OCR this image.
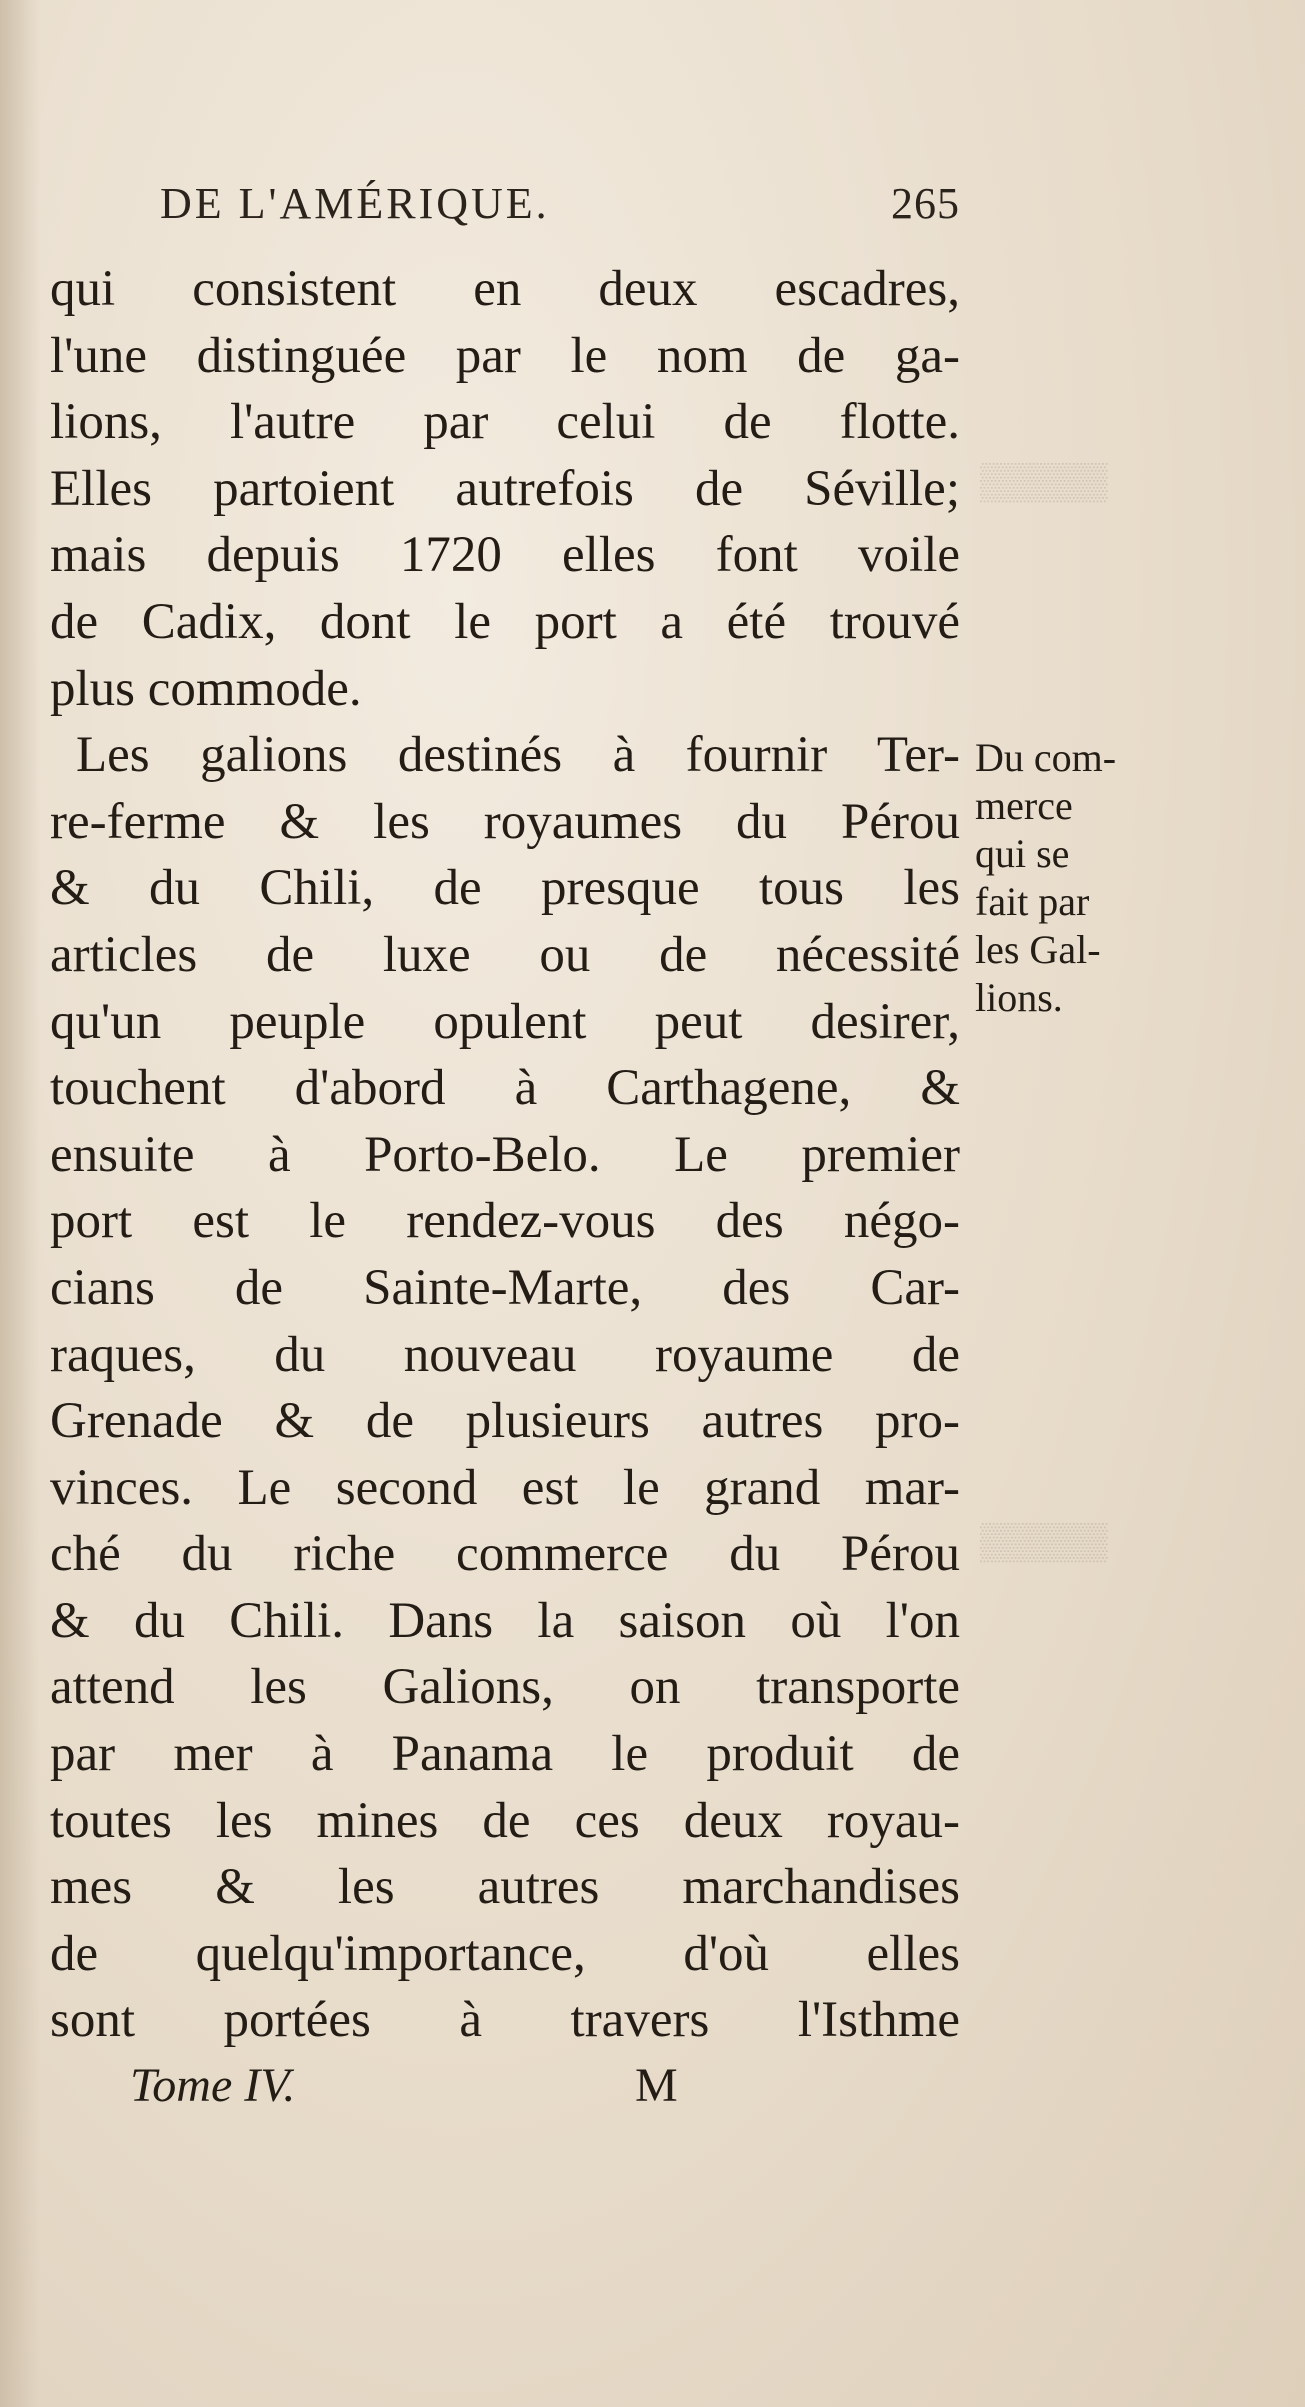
▒▒▒▒▒
▒▒▒▒▒
DE L'AMÉRIQUE.	265
qui consistent en deux escadres,
l'une distinguée par le nom de ga-
lions, l'autre par celui de flotte.
Elles partoient autrefois de Séville;
mais depuis 1720 elles font voile
de Cadix, dont le port a été trouvé
plus commode.
Les galions destinés à fournir Ter-
re-ferme & les royaumes du Pérou
& du Chili, de presque tous les
articles de luxe ou de nécessité
qu'un peuple opulent peut desirer,
touchent d'abord à Carthagene, &
ensuite à Porto-Belo. Le premier
port est le rendez-vous des négo-
cians de Sainte-Marte, des Car-
raques, du nouveau royaume de
Grenade & de plusieurs autres pro-
vinces. Le second est le grand mar-
ché du riche commerce du Pérou
& du Chili. Dans la saison où l'on
attend les Galions, on transporte
par mer à Panama le produit de
toutes les mines de ces deux royau-
mes & les autres marchandises
de quelqu'importance, d'où elles
sont portées à travers l'Isthme
Du com-
merce
qui se
fait par
les Gal-
lions.
Tome IV.	M
